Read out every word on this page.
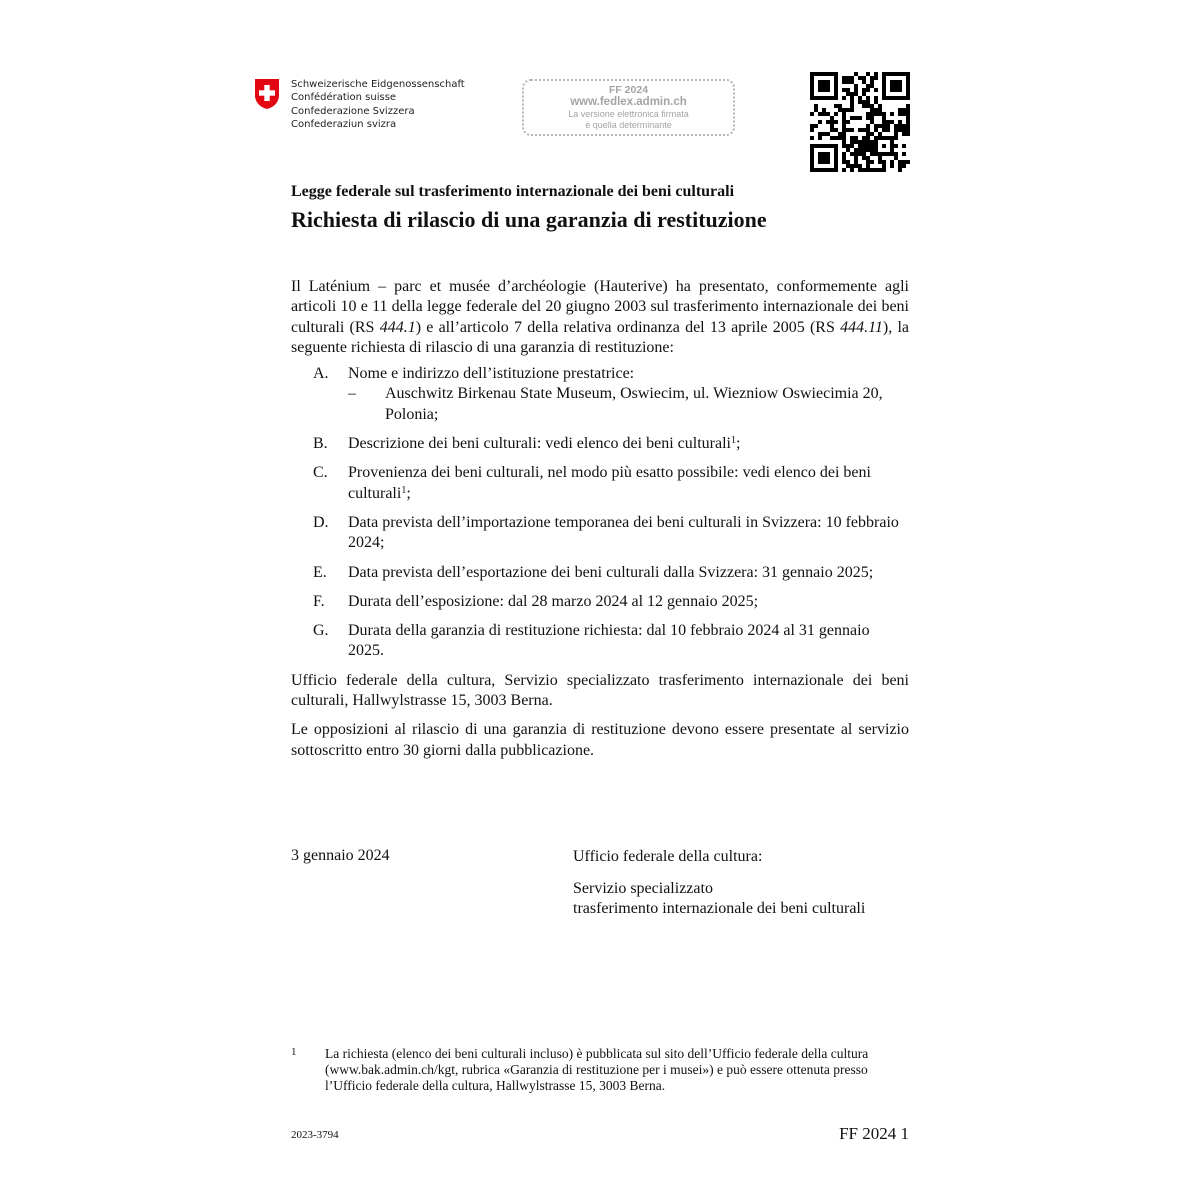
Schweizerische Eidgenossenschaft
Confédération suisse
Confederazione Svizzera
Confederaziun svizra
FF 2024
www.fedlex.admin.ch
La versione elettronica firmata
è quella determinante
Legge federale sul trasferimento internazionale dei beni culturali
Richiesta di rilascio di una garanzia di restituzione

Il Laténium – parc et musée d’archéologie (Hauterive) ha presentato, conformemente agli articoli 10 e 11 della legge federale del 20 giugno 2003 sul trasferimento internazionale dei beni culturali (RS 444.1) e all’articolo 7 della relativa ordinanza del 13 aprile 2005 (RS 444.11), la seguente richiesta di rilascio di una garanzia di restituzione:

A.	Nome e indirizzo dell’istituzione prestatrice:
–	Auschwitz Birkenau State Museum, Oswiecim, ul. Wiezniow Oswiecimia 20, Polonia;
B.	Descrizione dei beni culturali: vedi elenco dei beni culturali$^1$;
C.	Provenienza dei beni culturali, nel modo più esatto possibile: vedi elenco dei beni culturali$^1$;
D.	Data prevista dell’importazione temporanea dei beni culturali in Svizzera: 10 febbraio 2024;
E.	Data prevista dell’esportazione dei beni culturali dalla Svizzera: 31 gennaio 2025;
F.	Durata dell’esposizione: dal 28 marzo 2024 al 12 gennaio 2025;
G.	Durata della garanzia di restituzione richiesta: dal 10 febbraio 2024 al 31 gennaio 2025.

Ufficio federale della cultura, Servizio specializzato trasferimento internazionale dei beni culturali, Hallwylstrasse 15, 3003 Berna.

Le opposizioni al rilascio di una garanzia di restituzione devono essere presentate al servizio sottoscritto entro 30 giorni dalla pubblicazione.

3 gennaio 2024	Ufficio federale della cultura:
Servizio specializzato
trasferimento internazionale dei beni culturali
1	La richiesta (elenco dei beni culturali incluso) è pubblicata sul sito dell’Ufficio federale della cultura (www.bak.admin.ch/kgt, rubrica «Garanzia di restituzione per i musei») e può essere ottenuta presso l’Ufficio federale della cultura, Hallwylstrasse 15, 3003 Berna.
2023-3794	FF 2024 1
